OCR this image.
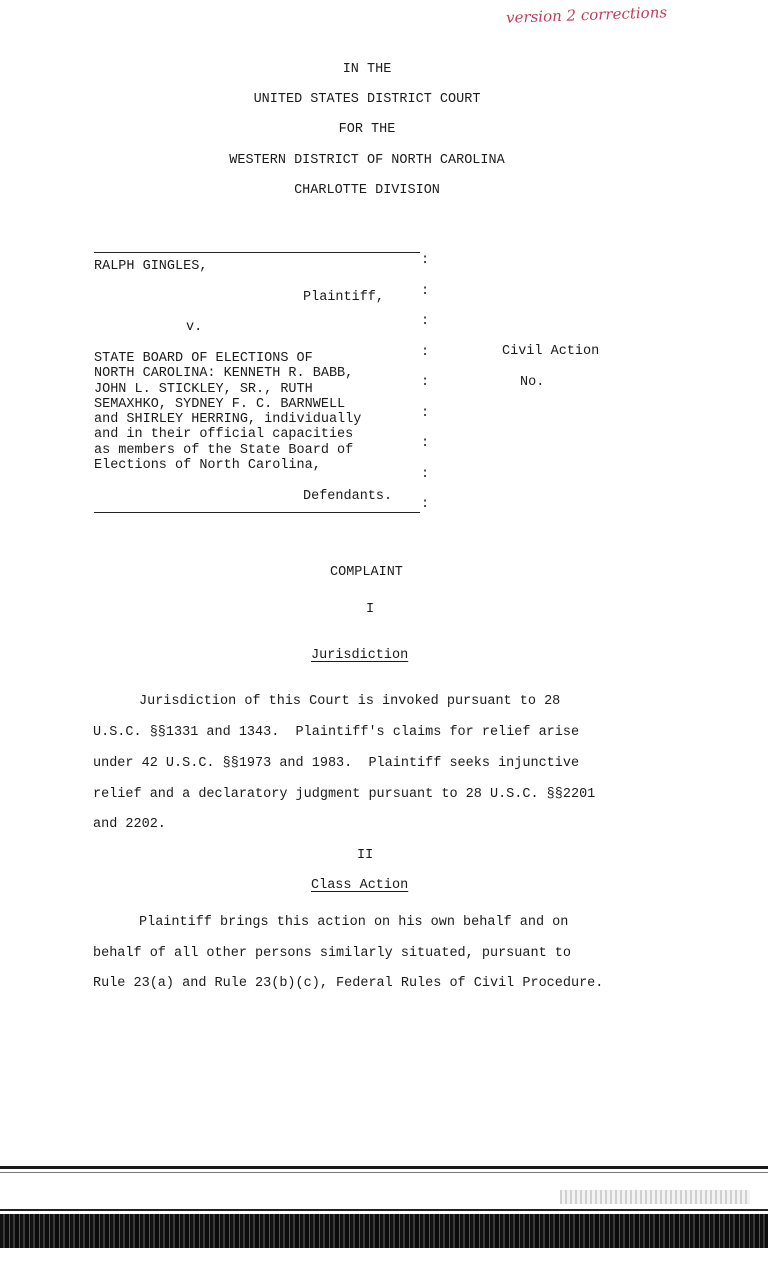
version 2 corrections
IN THE
UNITED STATES DISTRICT COURT
FOR THE
WESTERN DISTRICT OF NORTH CAROLINA
CHARLOTTE DIVISION
RALPH GINGLES,
Plaintiff,
v.
STATE BOARD OF ELECTIONS OF
NORTH CAROLINA: KENNETH R. BABB,
JOHN L. STICKLEY, SR., RUTH
SEMAXHKO, SYDNEY F. C. BARNWELL
and SHIRLEY HERRING, individually
and in their official capacities
as members of the State Board of
Elections of North Carolina,
Defendants.
:
:
:
:
:
:
:
:
:
Civil Action
No.
COMPLAINT
I
Jurisdiction
Jurisdiction of this Court is invoked pursuant to 28
U.S.C. §§1331 and 1343.  Plaintiff's claims for relief arise
under 42 U.S.C. §§1973 and 1983.  Plaintiff seeks injunctive
relief and a declaratory judgment pursuant to 28 U.S.C. §§2201
and 2202.
II
Class Action
Plaintiff brings this action on his own behalf and on
behalf of all other persons similarly situated, pursuant to
Rule 23(a) and Rule 23(b)(c), Federal Rules of Civil Procedure.
